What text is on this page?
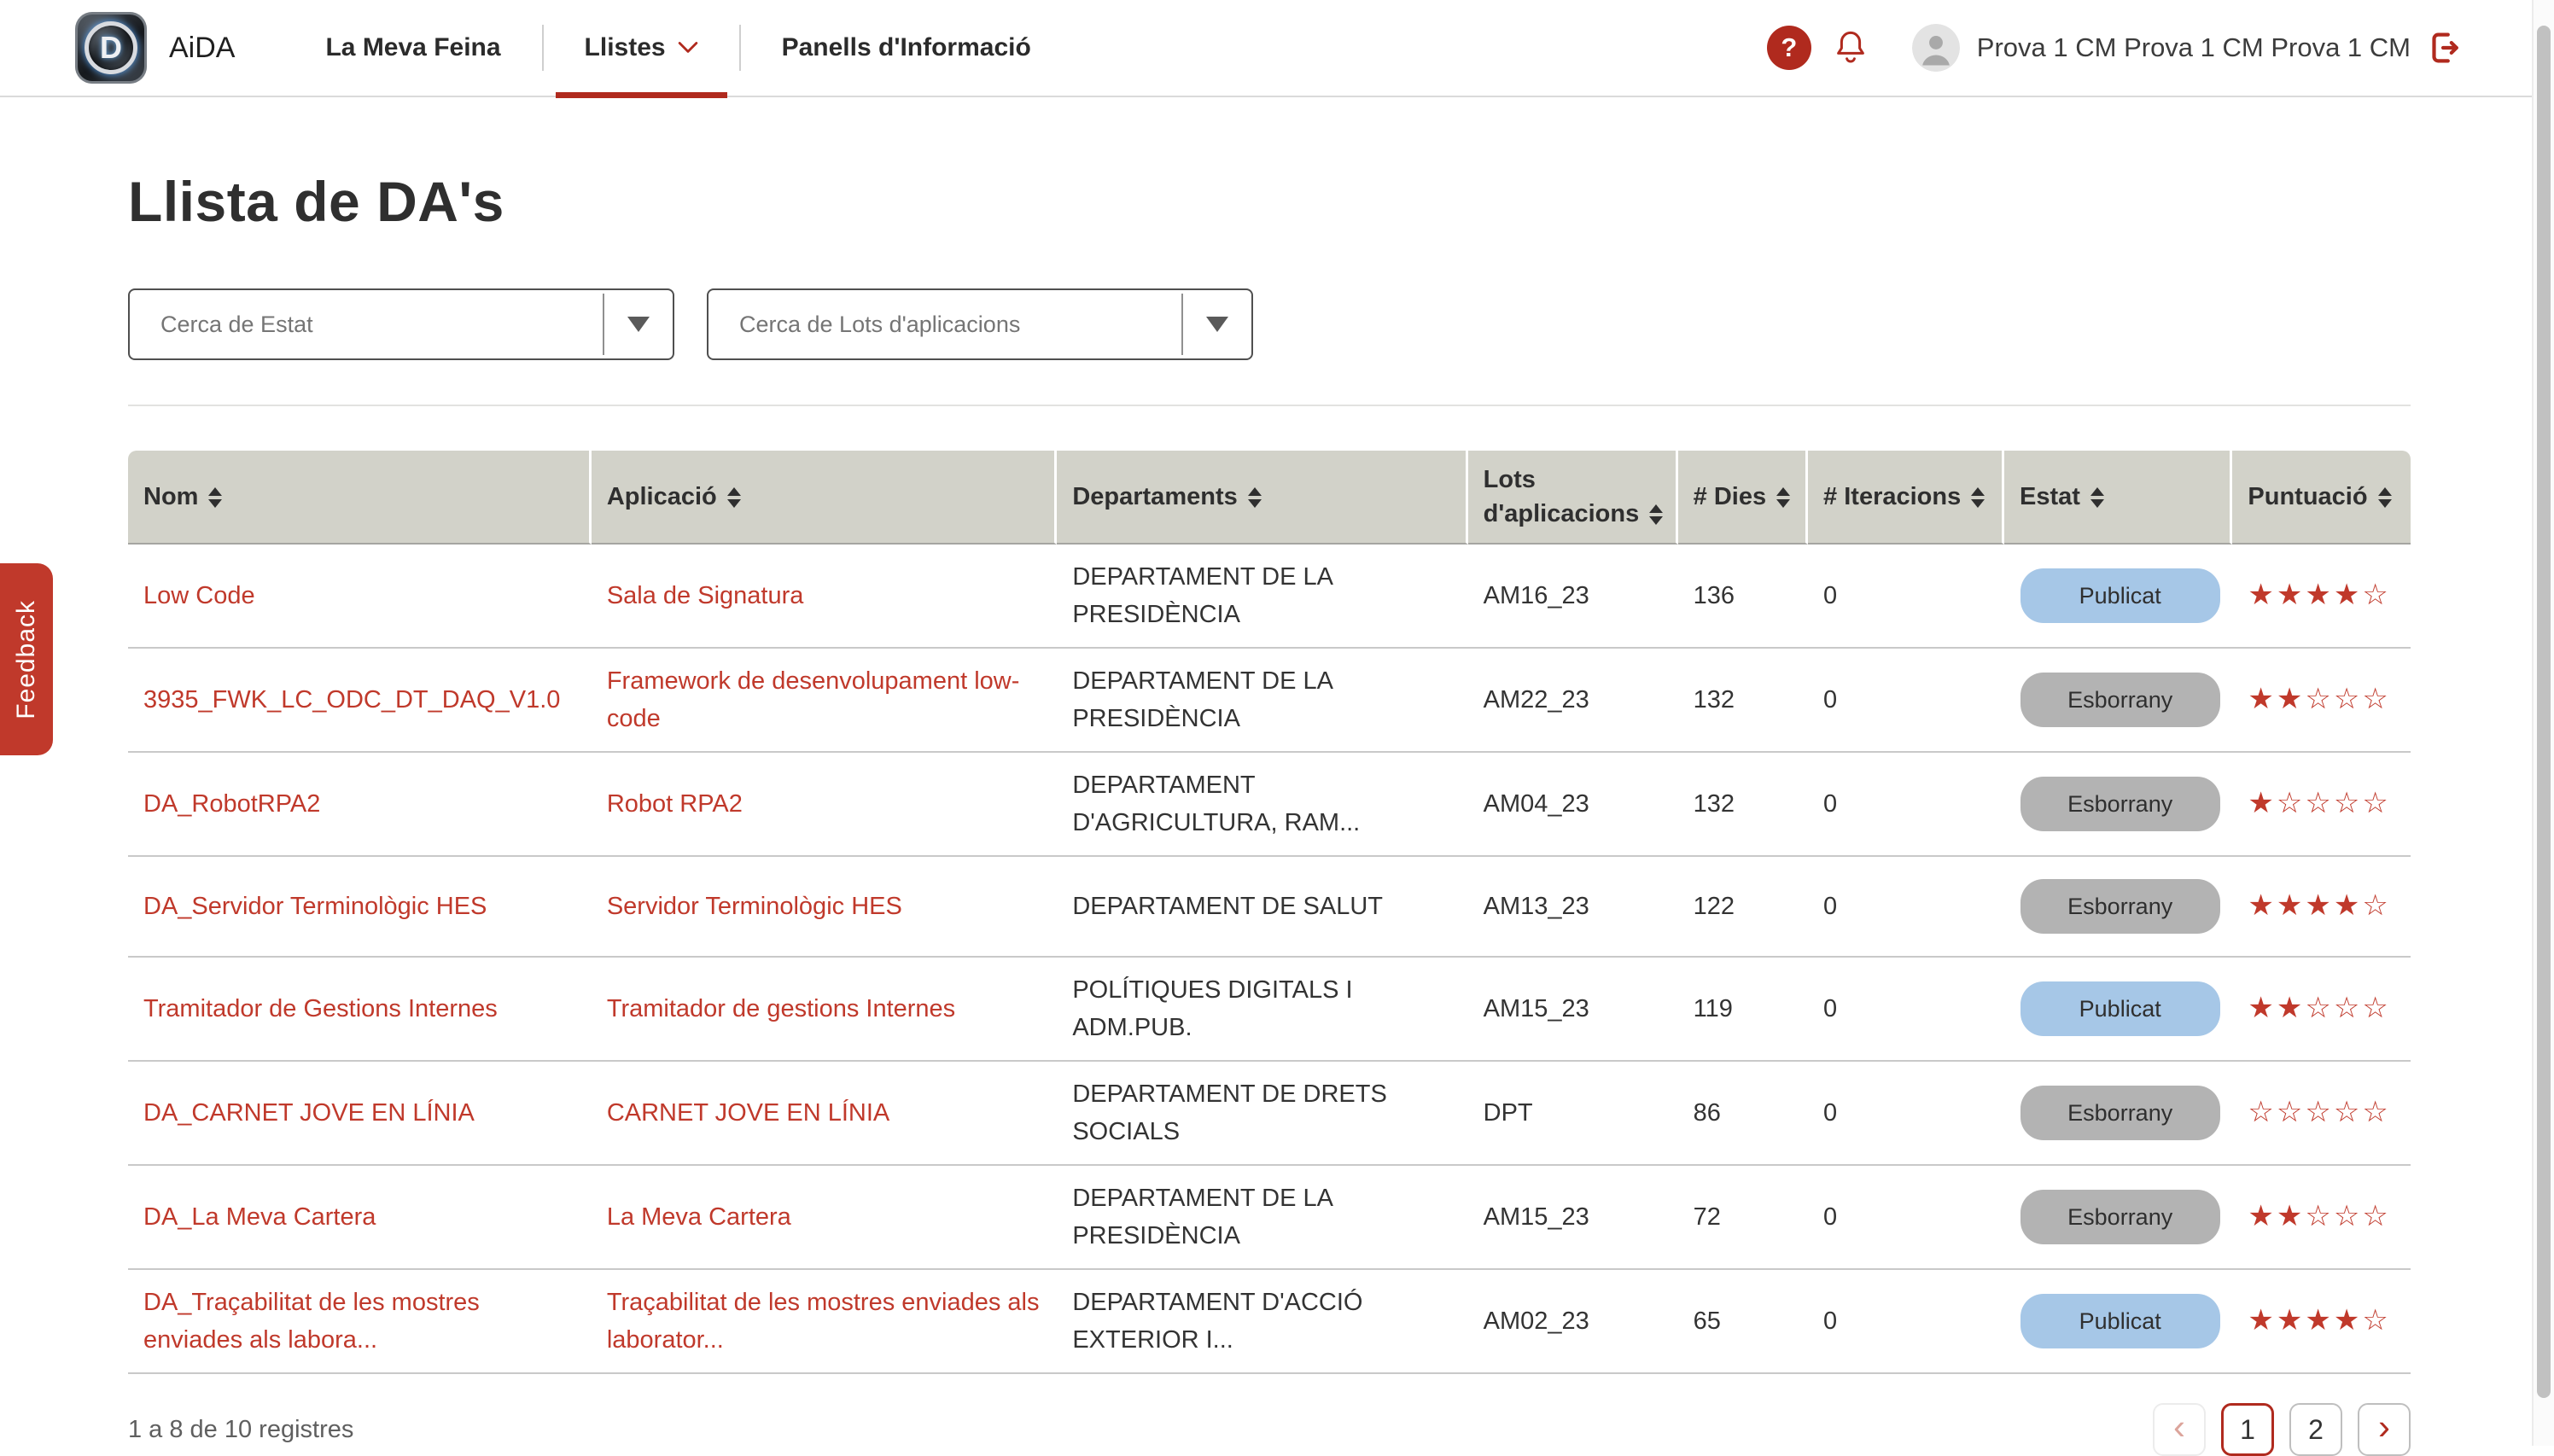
Feedback
D AiDA	La Meva Feina	Llistes	Panells d'Informació	?	Prova 1 CM Prova 1 CM Prova 1 CM
Llista de DA's
Cerca de Estat	Cerca de Lots d'aplicacions
Nom	Aplicació	Departaments	Lots d'aplicacions	# Dies	# Iteracions	Estat	Puntuació

Low Code	Sala de Signatura	DEPARTAMENT DE LA PRESIDÈNCIA	AM16_23	136	0	Publicat	★★★★☆
3935_FWK_LC_ODC_DT_DAQ_V1.0	Framework de desenvolupament low-code	DEPARTAMENT DE LA PRESIDÈNCIA	AM22_23	132	0	Esborrany	★★☆☆☆
DA_RobotRPA2	Robot RPA2	DEPARTAMENT D'AGRICULTURA, RAM...	AM04_23	132	0	Esborrany	★☆☆☆☆
DA_Servidor Terminològic HES	Servidor Terminològic HES	DEPARTAMENT DE SALUT	AM13_23	122	0	Esborrany	★★★★☆
Tramitador de Gestions Internes	Tramitador de gestions Internes	POLÍTIQUES DIGITALS I ADM.PUB.	AM15_23	119	0	Publicat	★★☆☆☆
DA_CARNET JOVE EN LÍNIA	CARNET JOVE EN LÍNIA	DEPARTAMENT DE DRETS SOCIALS	DPT	86	0	Esborrany	☆☆☆☆☆
DA_La Meva Cartera	La Meva Cartera	DEPARTAMENT DE LA PRESIDÈNCIA	AM15_23	72	0	Esborrany	★★☆☆☆
DA_Traçabilitat de les mostres enviades als labora...	Traçabilitat de les mostres enviades als laborator...	DEPARTAMENT D'ACCIÓ EXTERIOR I...	AM02_23	65	0	Publicat	★★★★☆
1 a 8 de 10 registres	‹ 1 2 ›
